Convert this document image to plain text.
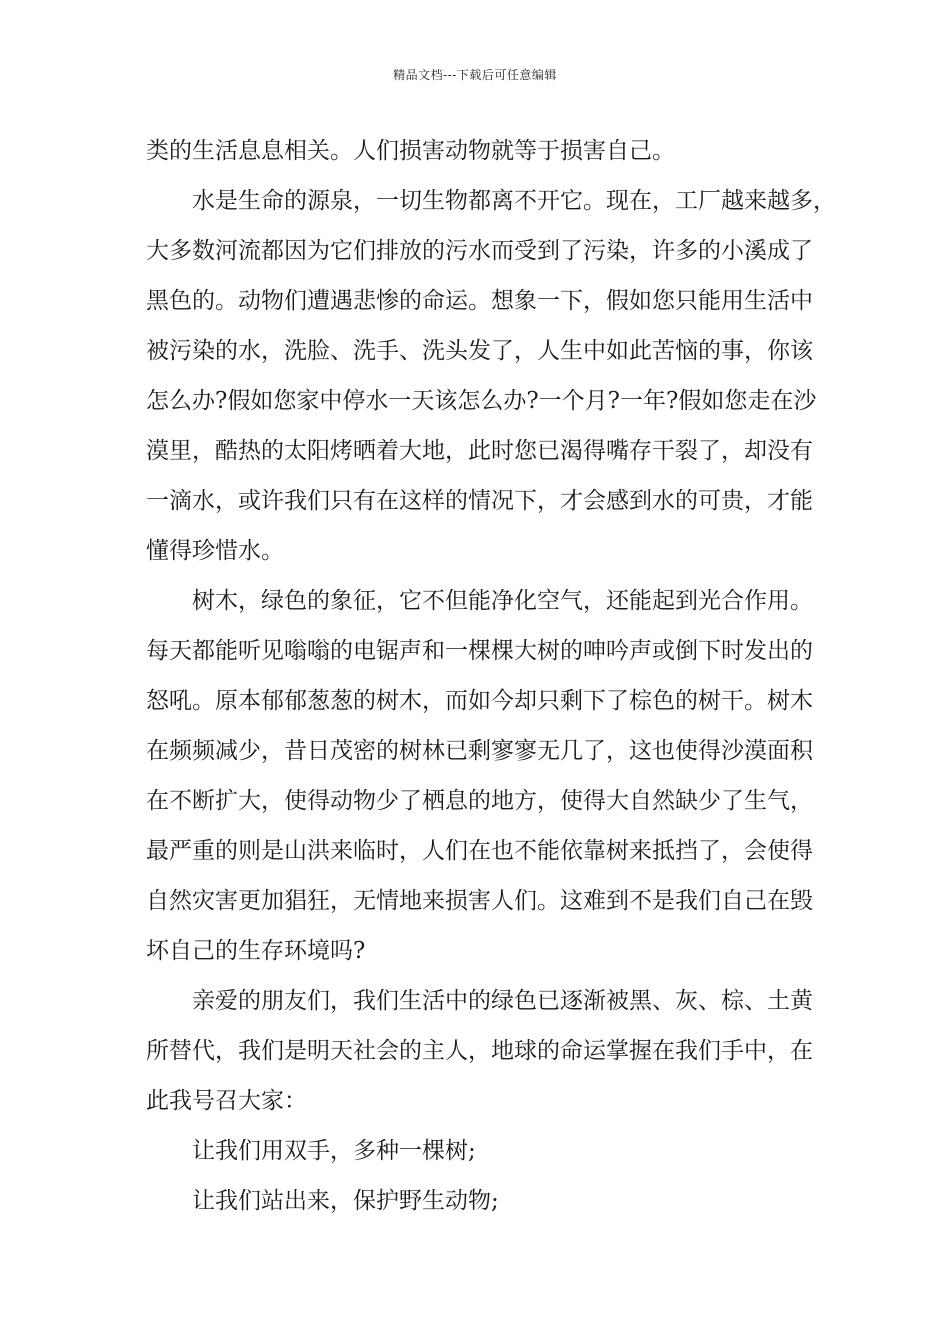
精品文档---下载后可任意编辑
类的生活息息相关。人们损害动物就等于损害自己。
水是生命的源泉，一切生物都离不开它。现在，工厂越来越多，
大多数河流都因为它们排放的污水而受到了污染，许多的小溪成了
黑色的。动物们遭遇悲惨的命运。想象一下，假如您只能用生活中
被污染的水，洗脸、洗手、洗头发了，人生中如此苦恼的事，你该
怎么办?假如您家中停水一天该怎么办?一个月?一年?假如您走在沙
漠里，酷热的太阳烤晒着大地，此时您已渴得嘴存干裂了，却没有
一滴水，或许我们只有在这样的情况下，才会感到水的可贵，才能
懂得珍惜水。
树木，绿色的象征，它不但能净化空气，还能起到光合作用。
每天都能听见嗡嗡的电锯声和一棵棵大树的呻吟声或倒下时发出的
怒吼。原本郁郁葱葱的树木，而如今却只剩下了棕色的树干。树木
在频频减少，昔日茂密的树林已剩寥寥无几了，这也使得沙漠面积
在不断扩大，使得动物少了栖息的地方，使得大自然缺少了生气，
最严重的则是山洪来临时，人们在也不能依靠树来抵挡了，会使得
自然灾害更加猖狂，无情地来损害人们。这难到不是我们自己在毁
坏自己的生存环境吗?
亲爱的朋友们，我们生活中的绿色已逐渐被黑、灰、棕、土黄
所替代，我们是明天社会的主人，地球的命运掌握在我们手中，在
此我号召大家：
让我们用双手，多种一棵树;
让我们站出来，保护野生动物;
